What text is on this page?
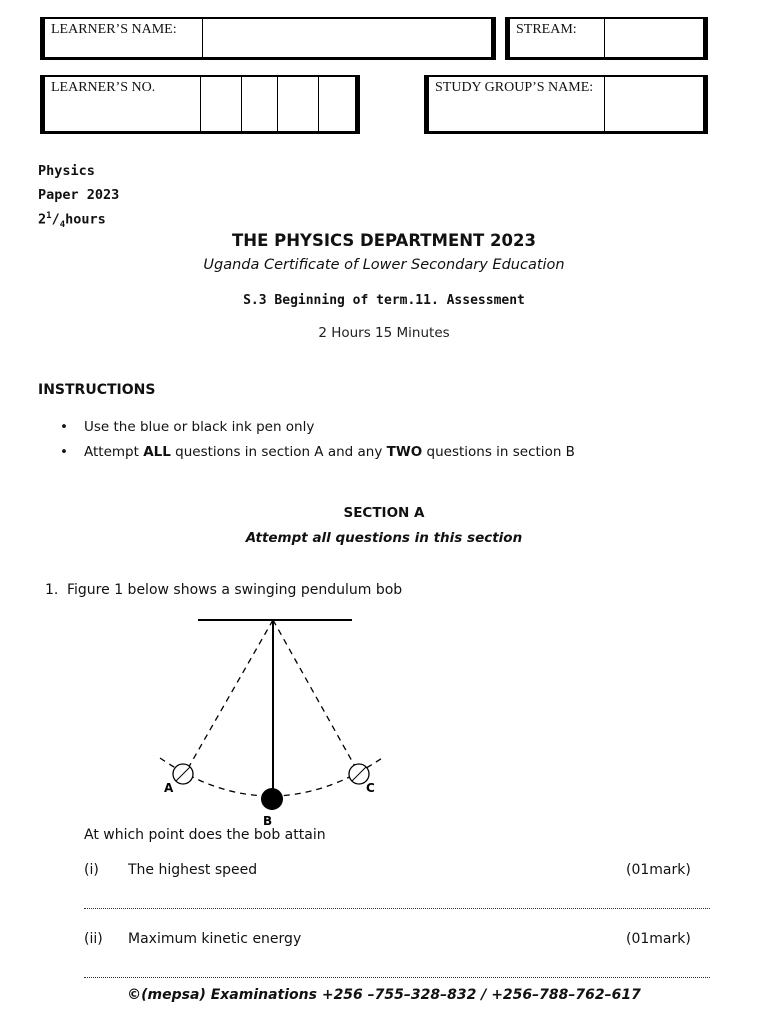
LEARNER’S NAME:	STREAM:
LEARNER’S NO.	STUDY GROUP’S NAME:
Physics
Paper 2023
$2^1/_4hours$
THE PHYSICS DEPARTMENT 2023
Uganda Certificate of Lower Secondary Education
S.3 Beginning of term.11. Assessment
2 Hours 15 Minutes
INSTRUCTIONS
• Use the blue or black ink pen only
• Attempt ALL questions in section A and any TWO questions in section B
SECTION A
Attempt all questions in this section
1. Figure 1 below shows a swinging pendulum bob
A
B
C
At which point does the bob attain
(i) The highest speed	(01mark)
(ii) Maximum kinetic energy	(01mark)
©(mepsa) Examinations +256 –755–328–832 / +256–788–762–617
